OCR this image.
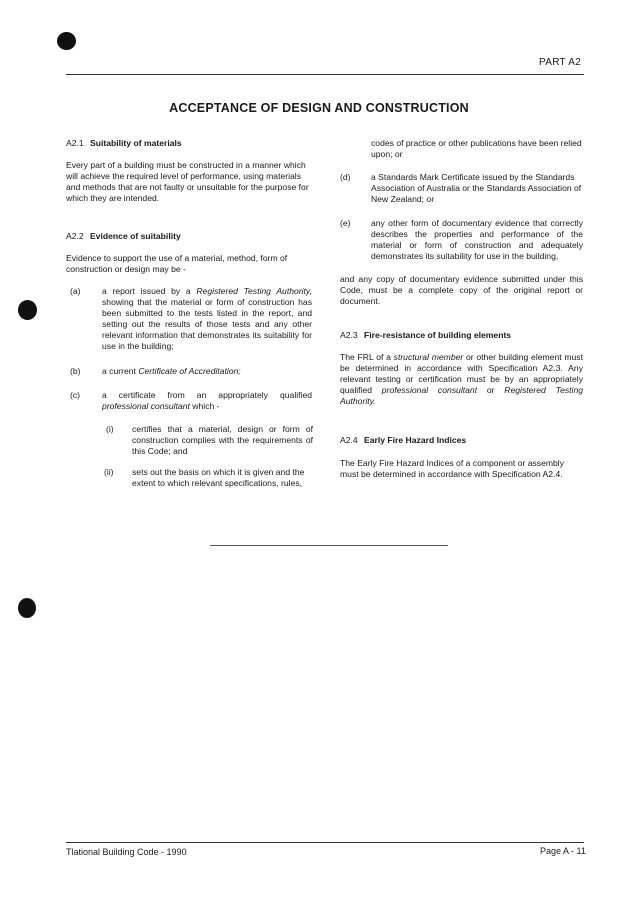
PART A2
ACCEPTANCE OF DESIGN AND CONSTRUCTION
A2.1 Suitability of materials
Every part of a building must be constructed in a manner which will achieve the required level of performance, using materials and methods that are not faulty or unsuitable for the purpose for which they are intended.
A2.2 Evidence of suitability
Evidence to support the use of a material, method, form of construction or design may be -
(a) a report issued by a Registered Testing Authority, showing that the material or form of construction has been submitted to the tests listed in the report, and setting out the results of those tests and any other relevant information that demonstrates its suitability for use in the building;
(b) a current Certificate of Accreditation;
(c)	a certificate from an appropriately qualified professional consultant which -
(i) certifies that a material, design or form of construction complies with the requirements of this Code; and
(ii) sets out the basis on which it is given and the extent to which relevant specifications, rules,
codes of practice or other publications have been relied upon; or
(d) a Standards Mark Certificate issued by the Standards Association of Australia or the Standards Association of New Zealand; or
(e) any other form of documentary evidence that correctly describes the properties and performance of the material or form of construction and adequately demonstrates its suitability for use in the building,
and any copy of documentary evidence submitted under this Code, must be a complete copy of the original report or document.
A2.3 Fire-resistance of building elements
The FRL of a structural member or other building element must be determined in accordance with Specification A2.3. Any relevant testing or certification must be by an appropriately qualified professional consultant or Registered Testing Authority.
A2.4 Early Fire Hazard Indices
The Early Fire Hazard Indices of a component or assembly must be determined in accordance with Specification A2.4.
Tlational Building Code - 1990	Page A - 11
